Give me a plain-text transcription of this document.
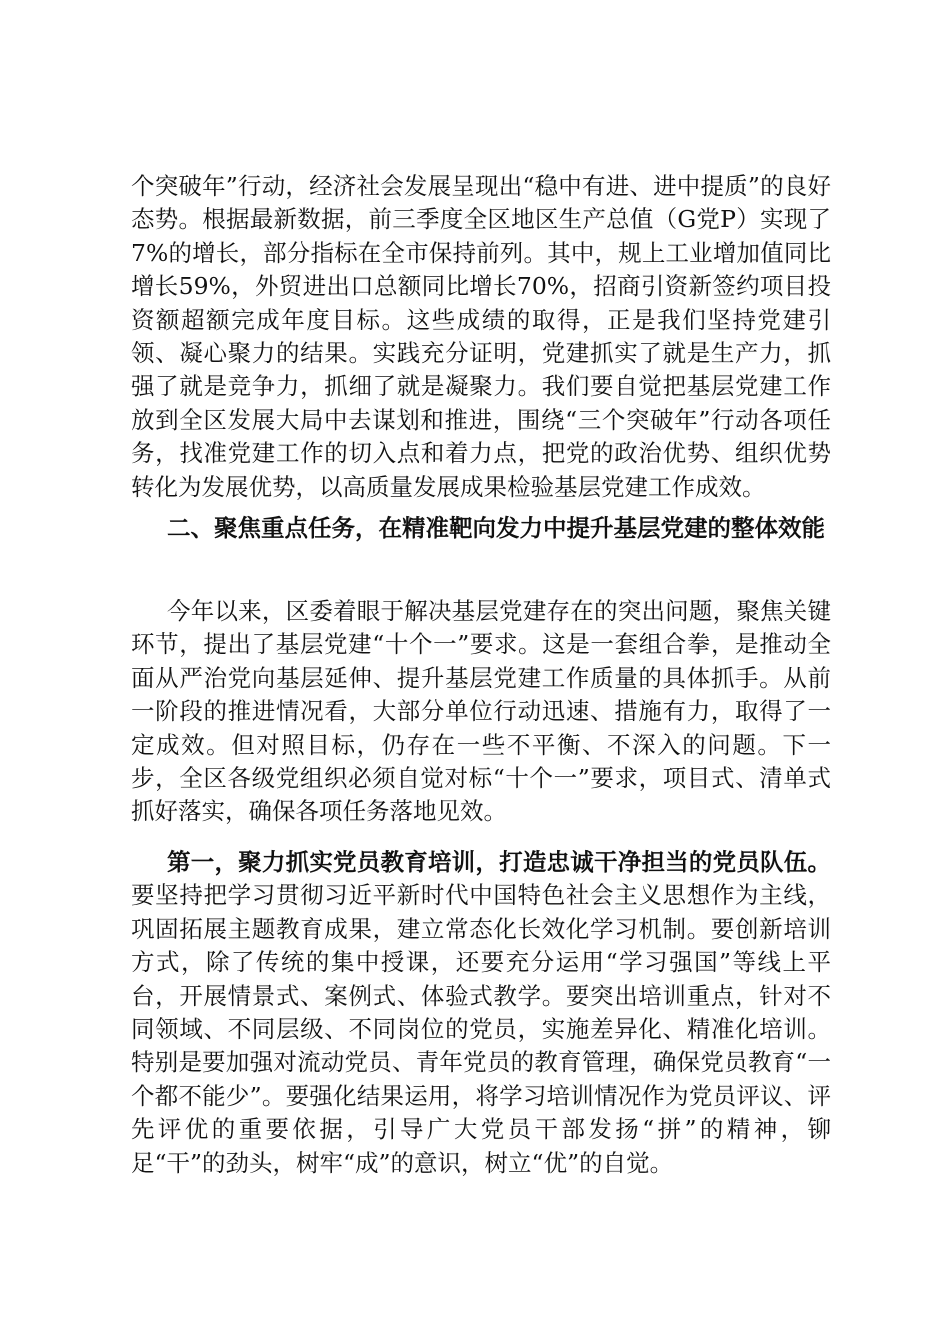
个突破年”行动，经济社会发展呈现出“稳中有进、进中提质”的良好态势。根据最新数据，前三季度全区地区生产总值（G党P）实现了7%的增长，部分指标在全市保持前列。其中，规上工业增加值同比增长59%，外贸进出口总额同比增长70%，招商引资新签约项目投资额超额完成年度目标。这些成绩的取得，正是我们坚持党建引领、凝心聚力的结果。实践充分证明，党建抓实了就是生产力，抓强了就是竞争力，抓细了就是凝聚力。我们要自觉把基层党建工作放到全区发展大局中去谋划和推进，围绕“三个突破年”行动各项任务，找准党建工作的切入点和着力点，把党的政治优势、组织优势转化为发展优势，以高质量发展成果检验基层党建工作成效。

二、聚焦重点任务，在精准靶向发力中提升基层党建的整体效能

今年以来，区委着眼于解决基层党建存在的突出问题，聚焦关键环节，提出了基层党建“十个一”要求。这是一套组合拳，是推动全面从严治党向基层延伸、提升基层党建工作质量的具体抓手。从前一阶段的推进情况看，大部分单位行动迅速、措施有力，取得了一定成效。但对照目标，仍存在一些不平衡、不深入的问题。下一步，全区各级党组织必须自觉对标“十个一”要求，项目式、清单式抓好落实，确保各项任务落地见效。

第一，聚力抓实党员教育培训，打造忠诚干净担当的党员队伍。要坚持把学习贯彻习近平新时代中国特色社会主义思想作为主线，巩固拓展主题教育成果，建立常态化长效化学习机制。要创新培训方式，除了传统的集中授课，还要充分运用“学习强国”等线上平台，开展情景式、案例式、体验式教学。要突出培训重点，针对不同领域、不同层级、不同岗位的党员，实施差异化、精准化培训。特别是要加强对流动党员、青年党员的教育管理，确保党员教育“一个都不能少”。要强化结果运用，将学习培训情况作为党员评议、评先评优的重要依据，引导广大党员干部发扬“拼”的精神，铆足“干”的劲头，树牢“成”的意识，树立“优”的自觉。
